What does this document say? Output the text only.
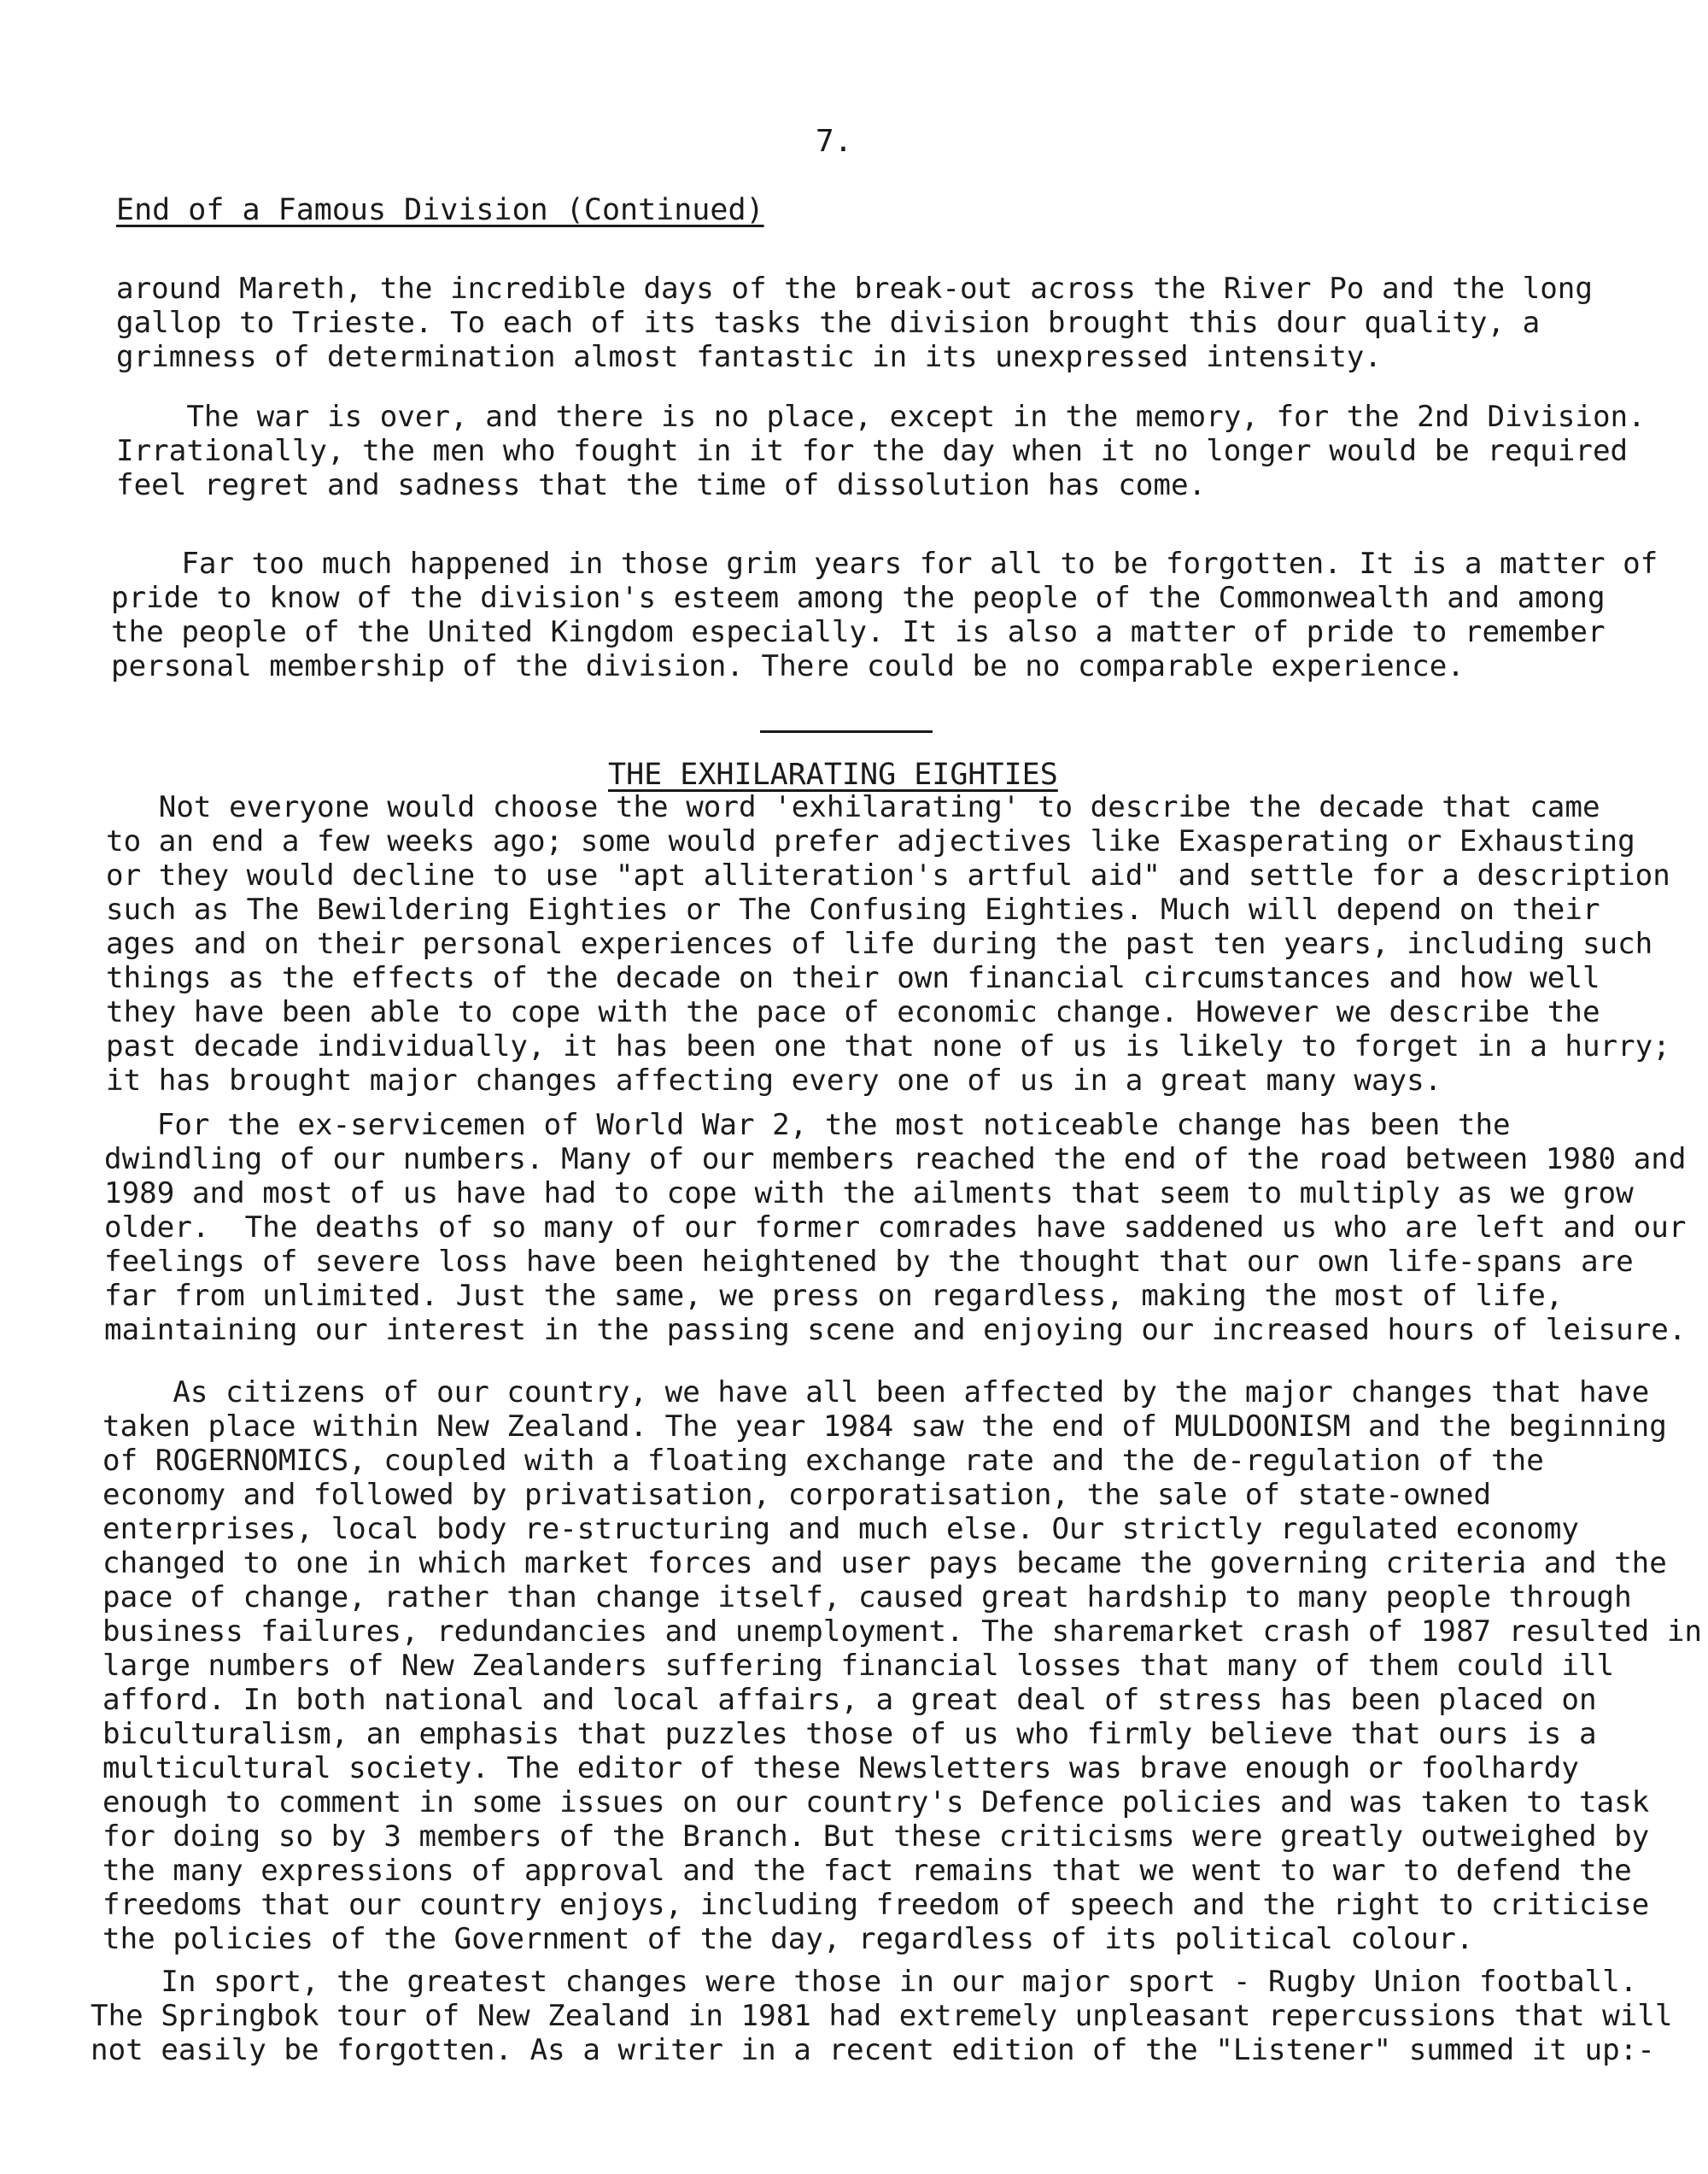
7.
End of a Famous Division (Continued)
around Mareth, the incredible days of the break-out across the River Po and the long
gallop to Trieste. To each of its tasks the division brought this dour quality, a
grimness of determination almost fantastic in its unexpressed intensity.
The war is over, and there is no place, except in the memory, for the 2nd Division.
Irrationally, the men who fought in it for the day when it no longer would be required
feel regret and sadness that the time of dissolution has come.
Far too much happened in those grim years for all to be forgotten. It is a matter of
pride to know of the division's esteem among the people of the Commonwealth and among
the people of the United Kingdom especially. It is also a matter of pride to remember
personal membership of the division. There could be no comparable experience.
THE EXHILARATING EIGHTIES
Not everyone would choose the word 'exhilarating' to describe the decade that came
to an end a few weeks ago; some would prefer adjectives like Exasperating or Exhausting
or they would decline to use "apt alliteration's artful aid" and settle for a description
such as The Bewildering Eighties or The Confusing Eighties. Much will depend on their
ages and on their personal experiences of life during the past ten years, including such
things as the effects of the decade on their own financial circumstances and how well
they have been able to cope with the pace of economic change. However we describe the
past decade individually, it has been one that none of us is likely to forget in a hurry;
it has brought major changes affecting every one of us in a great many ways.
For the ex-servicemen of World War 2, the most noticeable change has been the
dwindling of our numbers. Many of our members reached the end of the road between 1980 and
1989 and most of us have had to cope with the ailments that seem to multiply as we grow
older.  The deaths of so many of our former comrades have saddened us who are left and our
feelings of severe loss have been heightened by the thought that our own life-spans are
far from unlimited. Just the same, we press on regardless, making the most of life,
maintaining our interest in the passing scene and enjoying our increased hours of leisure.
As citizens of our country, we have all been affected by the major changes that have
taken place within New Zealand. The year 1984 saw the end of MULDOONISM and the beginning
of ROGERNOMICS, coupled with a floating exchange rate and the de-regulation of the
economy and followed by privatisation, corporatisation, the sale of state-owned
enterprises, local body re-structuring and much else. Our strictly regulated economy
changed to one in which market forces and user pays became the governing criteria and the
pace of change, rather than change itself, caused great hardship to many people through
business failures, redundancies and unemployment. The sharemarket crash of 1987 resulted in
large numbers of New Zealanders suffering financial losses that many of them could ill
afford. In both national and local affairs, a great deal of stress has been placed on
biculturalism, an emphasis that puzzles those of us who firmly believe that ours is a
multicultural society. The editor of these Newsletters was brave enough or foolhardy
enough to comment in some issues on our country's Defence policies and was taken to task
for doing so by 3 members of the Branch. But these criticisms were greatly outweighed by
the many expressions of approval and the fact remains that we went to war to defend the
freedoms that our country enjoys, including freedom of speech and the right to criticise
the policies of the Government of the day, regardless of its political colour.
In sport, the greatest changes were those in our major sport - Rugby Union football.
The Springbok tour of New Zealand in 1981 had extremely unpleasant repercussions that will
not easily be forgotten. As a writer in a recent edition of the "Listener" summed it up:-
